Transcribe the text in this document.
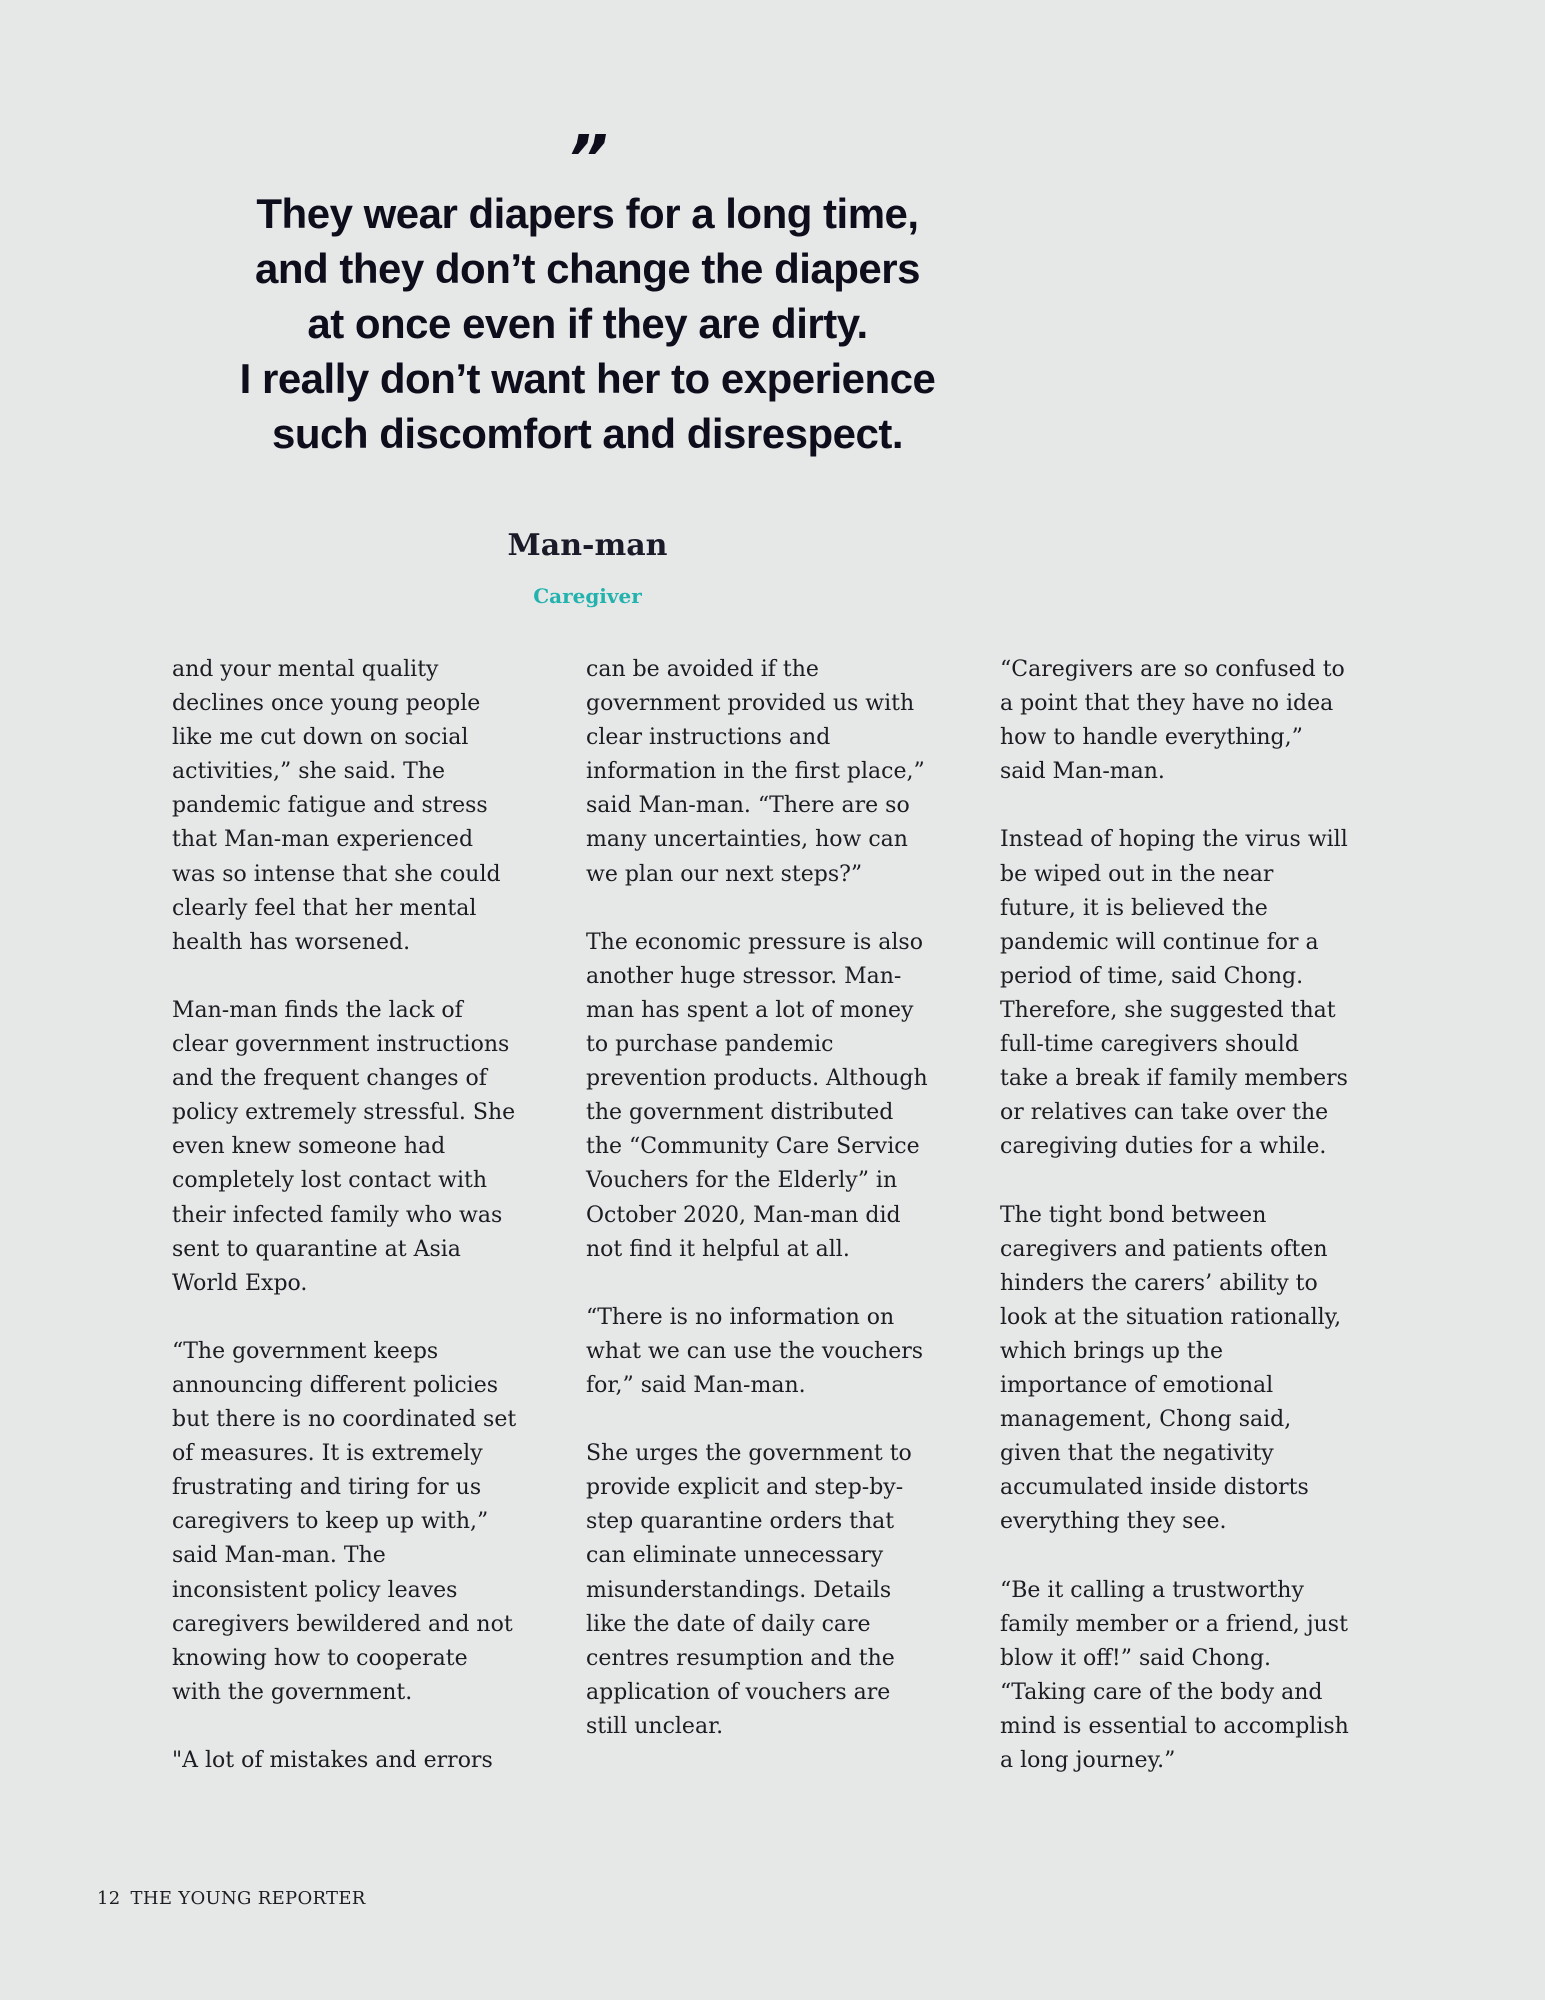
”
They wear diapers for a long time,
and they don’t change the diapers
at once even if they are dirty.
I really don’t want her to experience
such discomfort and disrespect.
Man-man
Caregiver

and your mental quality
declines once young people
like me cut down on social
activities,” she said. The
pandemic fatigue and stress
that Man-man experienced
was so intense that she could
clearly feel that her mental
health has worsened.

Man-man finds the lack of
clear government instructions
and the frequent changes of
policy extremely stressful. She
even knew someone had
completely lost contact with
their infected family who was
sent to quarantine at Asia
World Expo.

“The government keeps
announcing different policies
but there is no coordinated set
of measures. It is extremely
frustrating and tiring for us
caregivers to keep up with,”
said Man-man. The
inconsistent policy leaves
caregivers bewildered and not
knowing how to cooperate
with the government.

"A lot of mistakes and errors

can be avoided if the
government provided us with
clear instructions and
information in the first place,”
said Man-man. “There are so
many uncertainties, how can
we plan our next steps?”

The economic pressure is also
another huge stressor. Man-
man has spent a lot of money
to purchase pandemic
prevention products. Although
the government distributed
the “Community Care Service
Vouchers for the Elderly” in
October 2020, Man-man did
not find it helpful at all.

“There is no information on
what we can use the vouchers
for,” said Man-man.

She urges the government to
provide explicit and step-by-
step quarantine orders that
can eliminate unnecessary
misunderstandings. Details
like the date of daily care
centres resumption and the
application of vouchers are
still unclear.

“Caregivers are so confused to
a point that they have no idea
how to handle everything,”
said Man-man.

Instead of hoping the virus will
be wiped out in the near
future, it is believed the
pandemic will continue for a
period of time, said Chong.
Therefore, she suggested that
full-time caregivers should
take a break if family members
or relatives can take over the
caregiving duties for a while.

The tight bond between
caregivers and patients often
hinders the carers’ ability to
look at the situation rationally,
which brings up the
importance of emotional
management, Chong said,
given that the negativity
accumulated inside distorts
everything they see.

“Be it calling a trustworthy
family member or a friend, just
blow it off!” said Chong.
“Taking care of the body and
mind is essential to accomplish
a long journey.”

12 THE YOUNG REPORTER
